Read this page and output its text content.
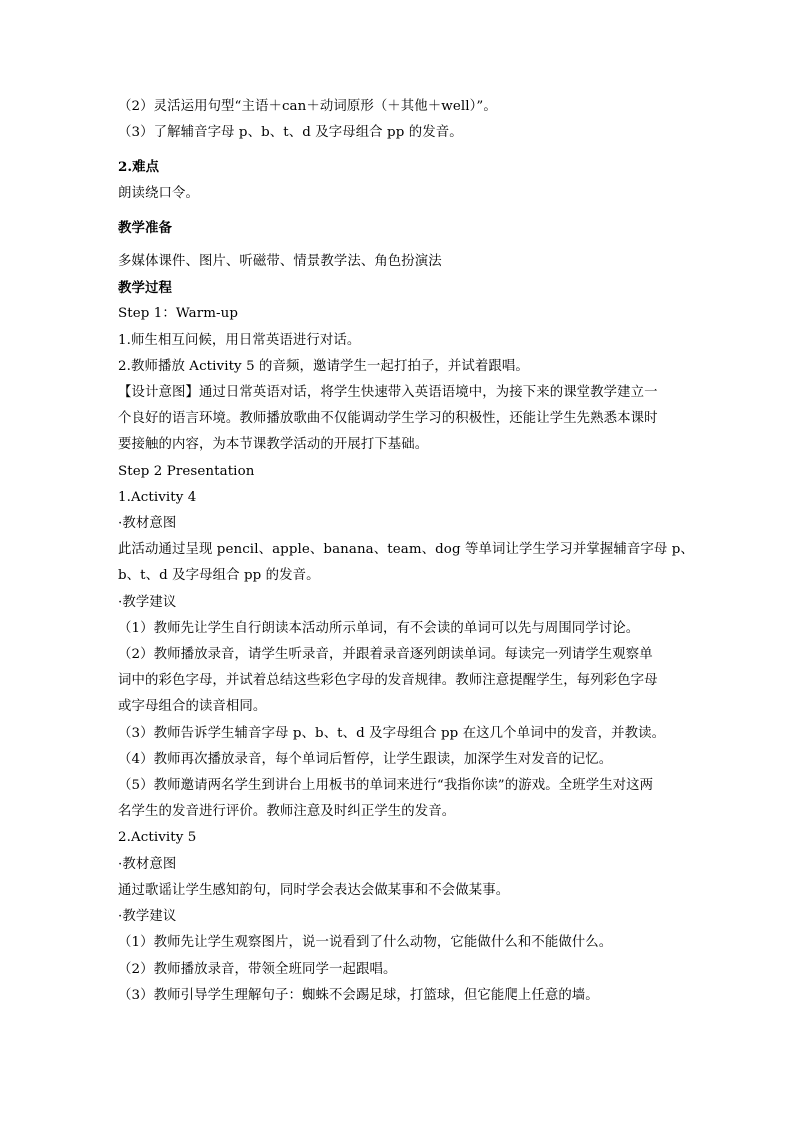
（2）灵活运用句型“主语＋can＋动词原形（＋其他＋well）”。
（3）了解辅音字母 p、b、t、d 及字母组合 pp 的发音。
2.难点
朗读绕口令。
教学准备
多媒体课件、图片、听磁带、情景教学法、角色扮演法
教学过程
Step 1：Warm-up
1.师生相互问候，用日常英语进行对话。
2.教师播放 Activity 5 的音频，邀请学生一起打拍子，并试着跟唱。
【设计意图】通过日常英语对话，将学生快速带入英语语境中，为接下来的课堂教学建立一
个良好的语言环境。教师播放歌曲不仅能调动学生学习的积极性，还能让学生先熟悉本课时
要接触的内容，为本节课教学活动的开展打下基础。
Step 2 Presentation
1.Activity 4
·教材意图
此活动通过呈现 pencil、apple、banana、team、dog 等单词让学生学习并掌握辅音字母 p、
b、t、d 及字母组合 pp 的发音。
·教学建议
（1）教师先让学生自行朗读本活动所示单词，有不会读的单词可以先与周围同学讨论。
（2）教师播放录音，请学生听录音，并跟着录音逐列朗读单词。每读完一列请学生观察单
词中的彩色字母，并试着总结这些彩色字母的发音规律。教师注意提醒学生，每列彩色字母
或字母组合的读音相同。
（3）教师告诉学生辅音字母 p、b、t、d 及字母组合 pp 在这几个单词中的发音，并教读。
（4）教师再次播放录音，每个单词后暂停，让学生跟读，加深学生对发音的记忆。
（5）教师邀请两名学生到讲台上用板书的单词来进行“我指你读”的游戏。全班学生对这两
名学生的发音进行评价。教师注意及时纠正学生的发音。
2.Activity 5
·教材意图
通过歌谣让学生感知韵句，同时学会表达会做某事和不会做某事。
·教学建议
（1）教师先让学生观察图片，说一说看到了什么动物，它能做什么和不能做什么。
（2）教师播放录音，带领全班同学一起跟唱。
（3）教师引导学生理解句子：蜘蛛不会踢足球，打篮球，但它能爬上任意的墙。
